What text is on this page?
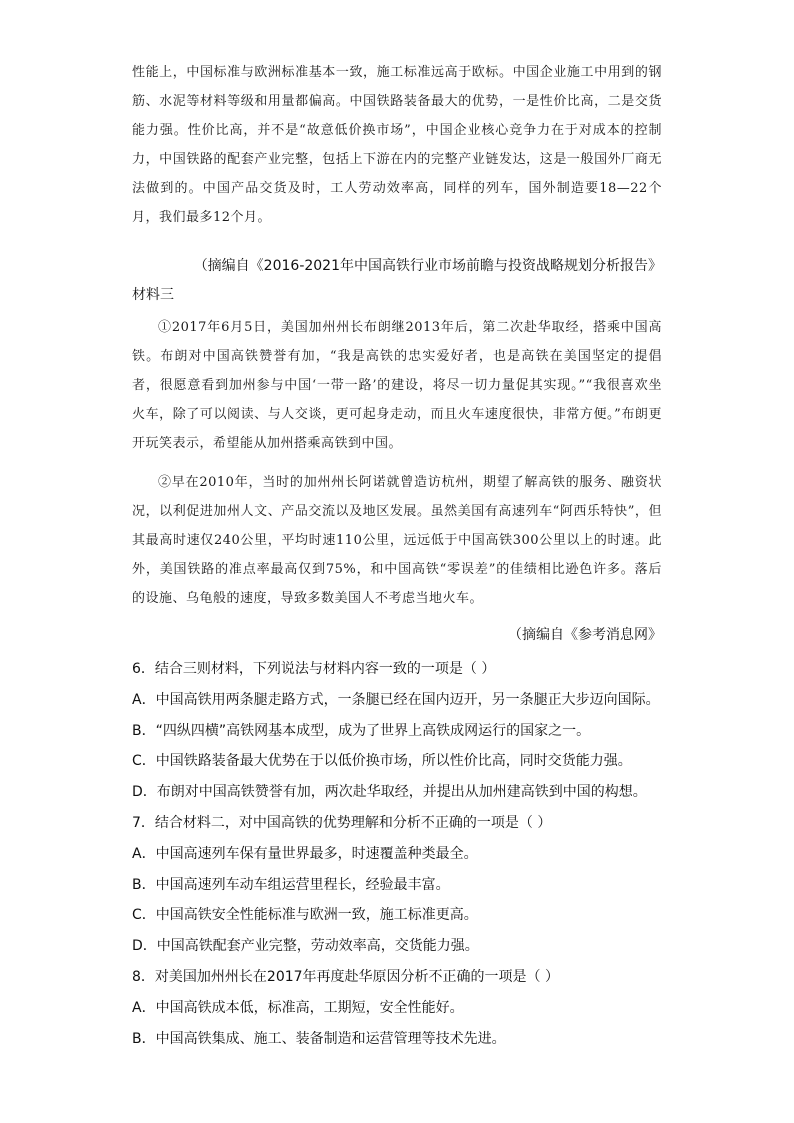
性能上，中国标准与欧洲标准基本一致，施工标准远高于欧标。中国企业施工中用到的钢筋、水泥等材料等级和用量都偏高。中国铁路装备最大的优势，一是性价比高，二是交货能力强。性价比高，并不是“故意低价换市场”，中国企业核心竞争力在于对成本的控制力，中国铁路的配套产业完整，包括上下游在内的完整产业链发达，这是一般国外厂商无法做到的。中国产品交货及时，工人劳动效率高，同样的列车，国外制造要18—22个月，我们最多12个月。

（摘编自《2016-2021年中国高铁行业市场前瞻与投资战略规划分析报告》
材料三

①2017年6月5日，美国加州州长布朗继2013年后，第二次赴华取经，搭乘中国高铁。布朗对中国高铁赞誉有加，“我是高铁的忠实爱好者，也是高铁在美国坚定的提倡者，很愿意看到加州参与中国‘一带一路’的建设，将尽一切力量促其实现。”“我很喜欢坐火车，除了可以阅读、与人交谈，更可起身走动，而且火车速度很快，非常方便。”布朗更开玩笑表示，希望能从加州搭乘高铁到中国。

②早在2010年，当时的加州州长阿诺就曾造访杭州，期望了解高铁的服务、融资状况，以利促进加州人文、产品交流以及地区发展。虽然美国有高速列车“阿西乐特快”，但其最高时速仅240公里，平均时速110公里，远远低于中国高铁300公里以上的时速。此外，美国铁路的准点率最高仅到75%，和中国高铁“零误差”的佳绩相比逊色许多。落后的设施、乌龟般的速度，导致多数美国人不考虑当地火车。

（摘编自《参考消息网》
6．结合三则材料，下列说法与材料内容一致的一项是（ ）
A．中国高铁用两条腿走路方式，一条腿已经在国内迈开，另一条腿正大步迈向国际。
B．“四纵四横”高铁网基本成型，成为了世界上高铁成网运行的国家之一。
C．中国铁路装备最大优势在于以低价换市场，所以性价比高，同时交货能力强。
D．布朗对中国高铁赞誉有加，两次赴华取经，并提出从加州建高铁到中国的构想。
7．结合材料二，对中国高铁的优势理解和分析不正确的一项是（ ）
A．中国高速列车保有量世界最多，时速覆盖种类最全。
B．中国高速列车动车组运营里程长，经验最丰富。
C．中国高铁安全性能标准与欧洲一致，施工标准更高。
D．中国高铁配套产业完整，劳动效率高，交货能力强。
8．对美国加州州长在2017年再度赴华原因分析不正确的一项是（ ）
A．中国高铁成本低，标准高，工期短，安全性能好。
B．中国高铁集成、施工、装备制造和运营管理等技术先进。
